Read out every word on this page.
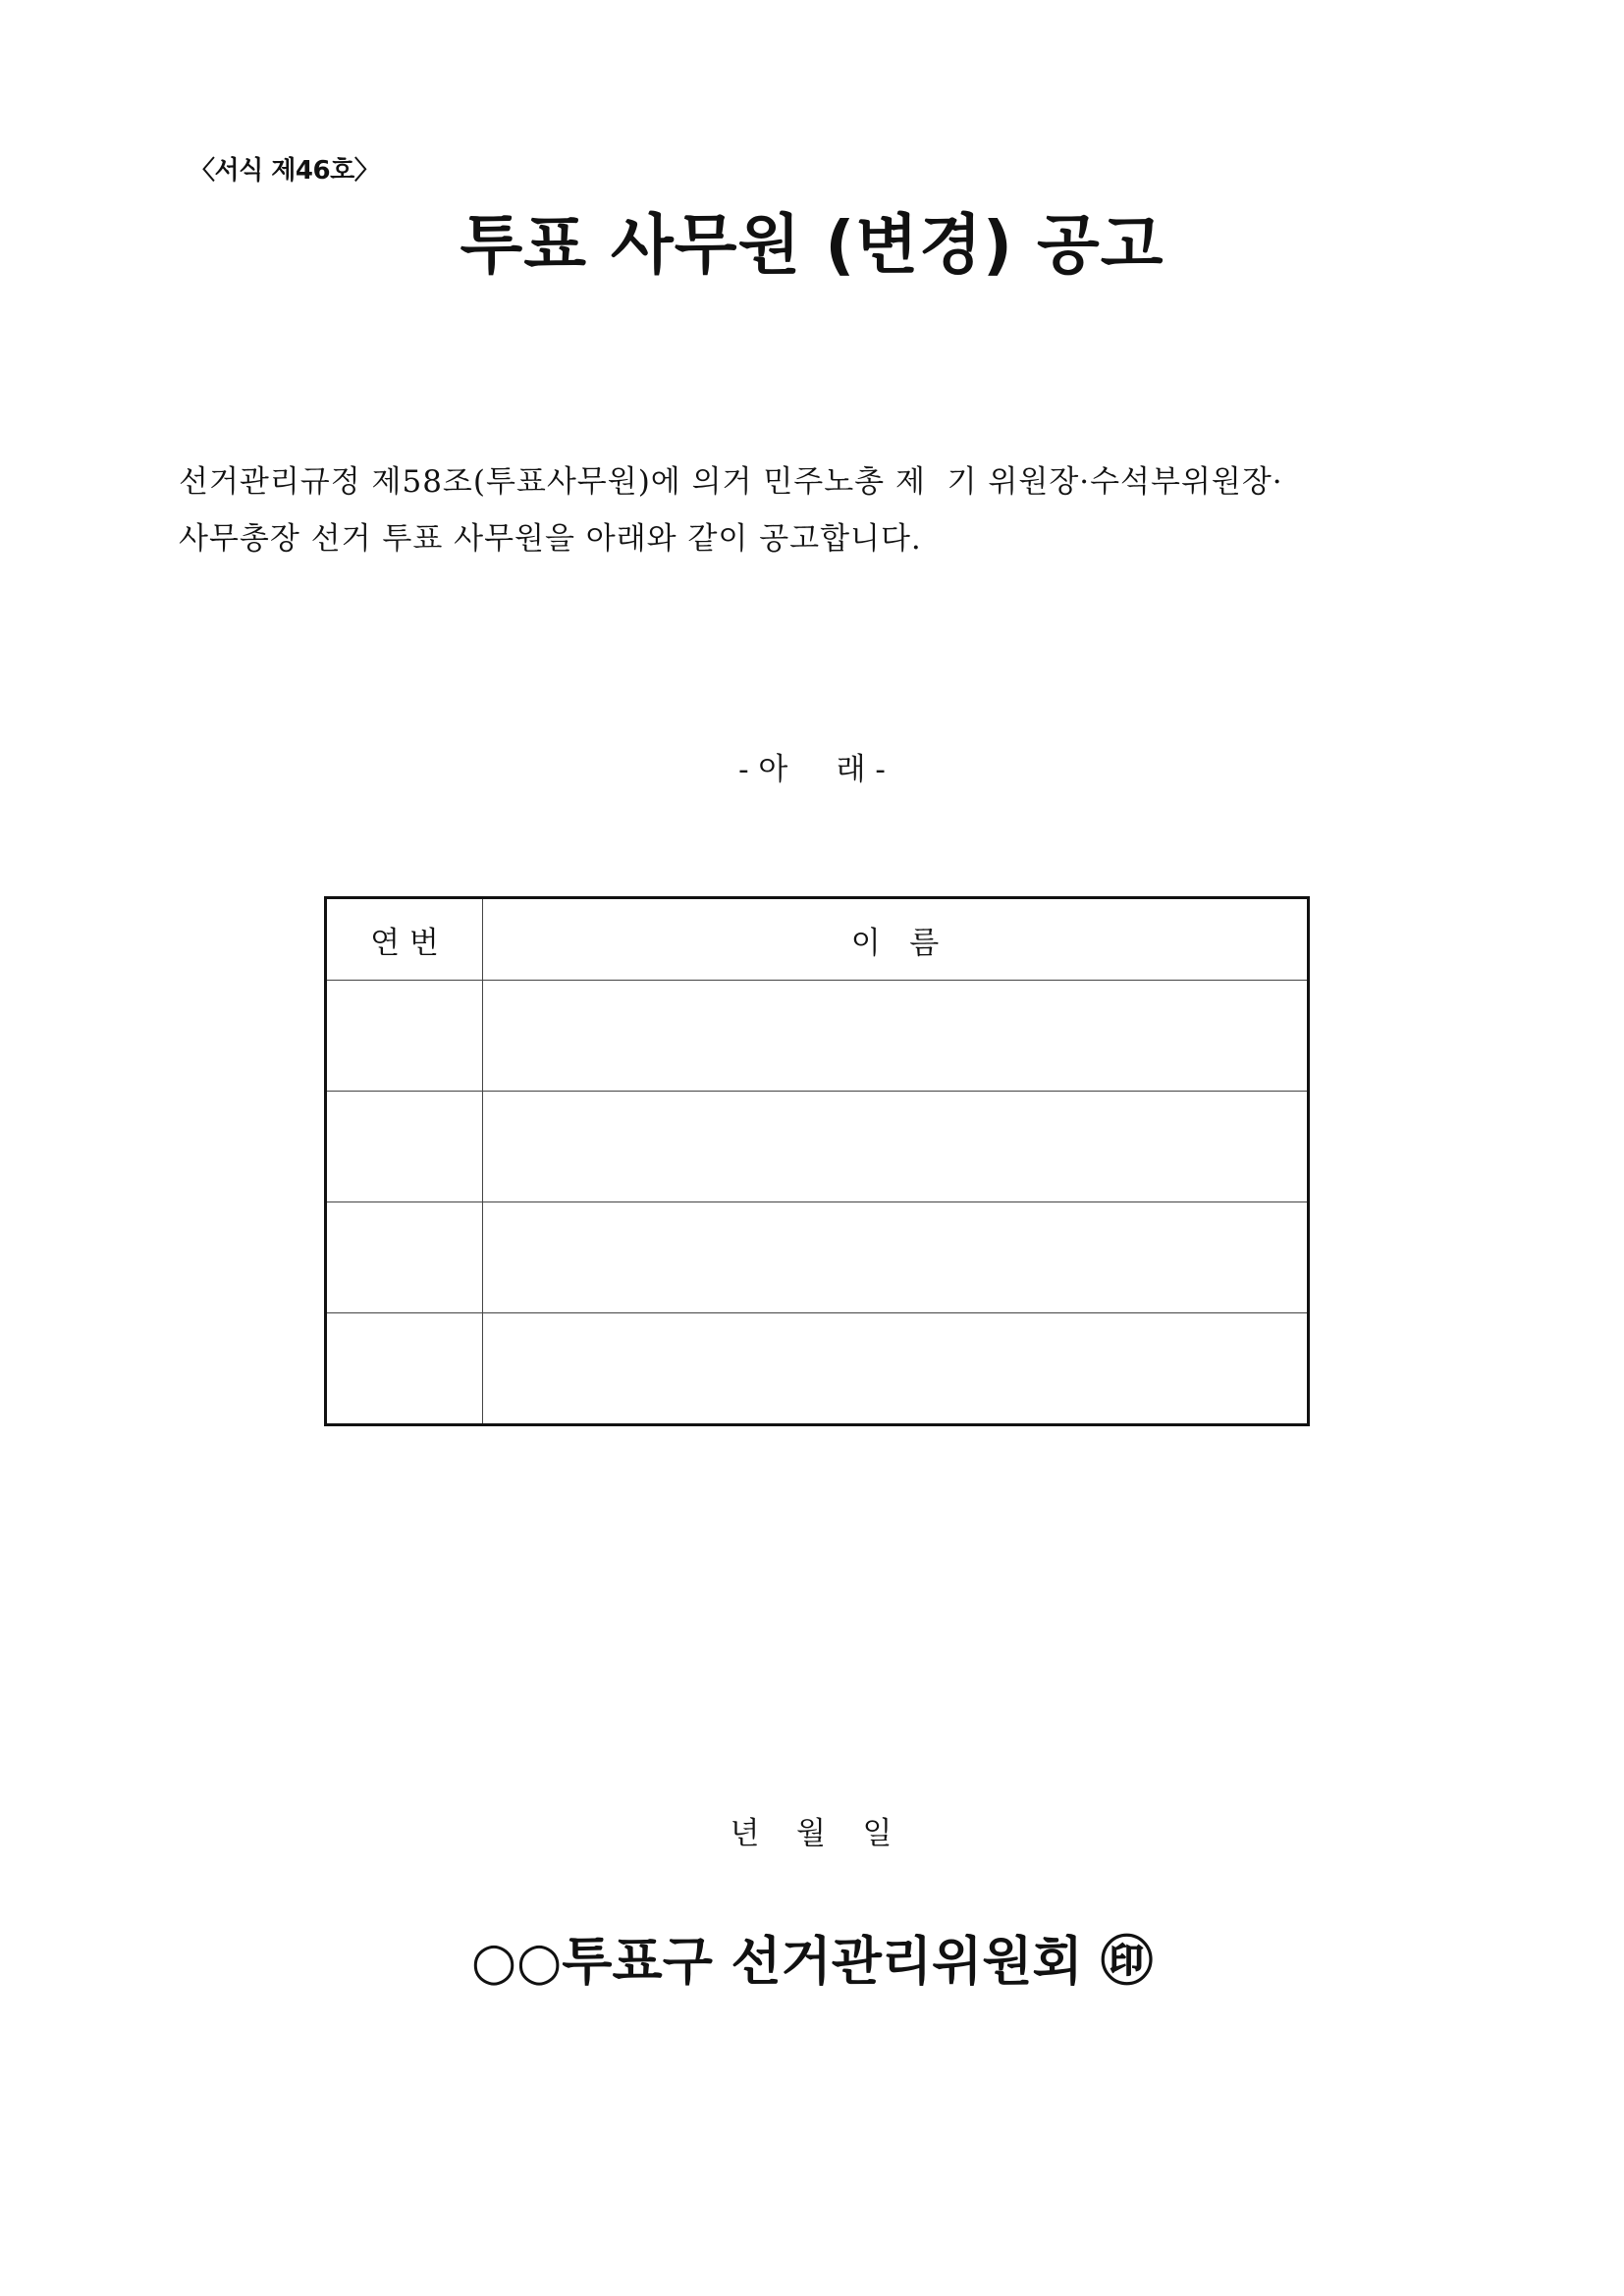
〈서식 제46호〉
투표 사무원 (변경) 공고
선거관리규정 제58조(투표사무원)에 의거 민주노총 제  기 위원장·수석부위원장·
사무총장 선거 투표 사무원을 아래와 같이 공고합니다.
- 아     래 -
연 번	이   름

년   월   일
○○투표구 선거관리위원회 ㊞
